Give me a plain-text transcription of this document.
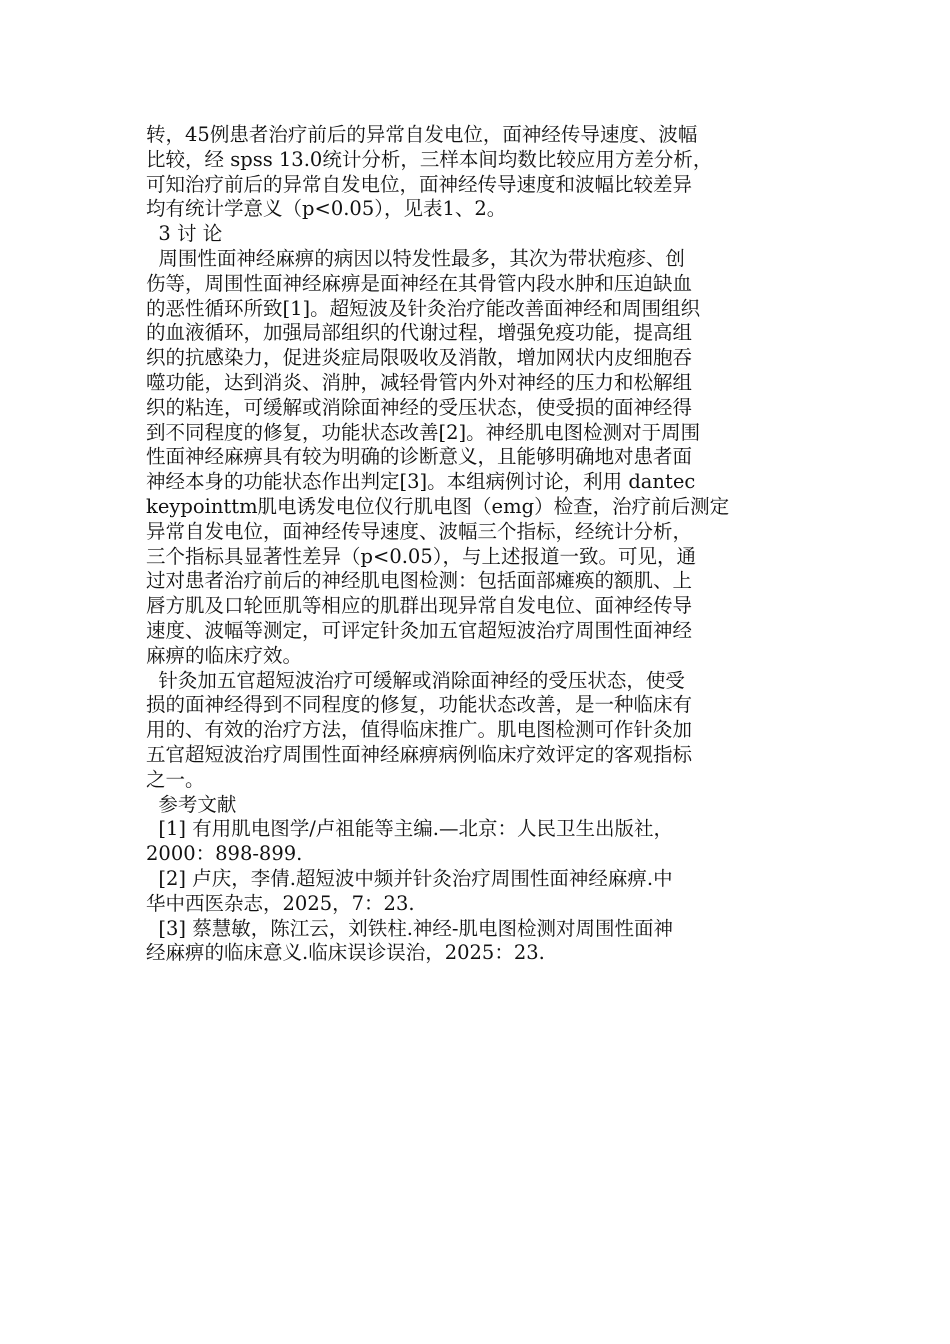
转，45例患者治疗前后的异常自发电位，面神经传导速度、波幅
比较，经 spss 13.0统计分析，三样本间均数比较应用方差分析，
可知治疗前后的异常自发电位，面神经传导速度和波幅比较差异
均有统计学意义（p<0.05），见表1、2。
3 讨 论
周围性面神经麻痹的病因以特发性最多，其次为带状疱疹、创
伤等，周围性面神经麻痹是面神经在其骨管内段水肿和压迫缺血
的恶性循环所致[1]。超短波及针灸治疗能改善面神经和周围组织
的血液循环，加强局部组织的代谢过程，增强免疫功能，提高组
织的抗感染力，促进炎症局限吸收及消散，增加网状内皮细胞吞
噬功能，达到消炎、消肿，减轻骨管内外对神经的压力和松解组
织的粘连，可缓解或消除面神经的受压状态，使受损的面神经得
到不同程度的修复，功能状态改善[2]。神经肌电图检测对于周围
性面神经麻痹具有较为明确的诊断意义，且能够明确地对患者面
神经本身的功能状态作出判定[3]。本组病例讨论，利用 dantec
keypointtm肌电诱发电位仪行肌电图（emg）检查，治疗前后测定
异常自发电位，面神经传导速度、波幅三个指标，经统计分析，
三个指标具显著性差异（p<0.05），与上述报道一致。可见，通
过对患者治疗前后的神经肌电图检测：包括面部瘫痪的额肌、上
唇方肌及口轮匝肌等相应的肌群出现异常自发电位、面神经传导
速度、波幅等测定，可评定针灸加五官超短波治疗周围性面神经
麻痹的临床疗效。
针灸加五官超短波治疗可缓解或消除面神经的受压状态，使受
损的面神经得到不同程度的修复，功能状态改善，是一种临床有
用的、有效的治疗方法，值得临床推广。肌电图检测可作针灸加
五官超短波治疗周围性面神经麻痹病例临床疗效评定的客观指标
之一。
参考文献
[1] 有用肌电图学/卢祖能等主编.—北京：人民卫生出版社，
2000：898-899.
[2] 卢庆，李倩.超短波中频并针灸治疗周围性面神经麻痹.中
华中西医杂志，2025，7：23.
[3] 蔡慧敏，陈江云，刘铁柱.神经-肌电图检测对周围性面神
经麻痹的临床意义.临床误诊误治，2025：23.
